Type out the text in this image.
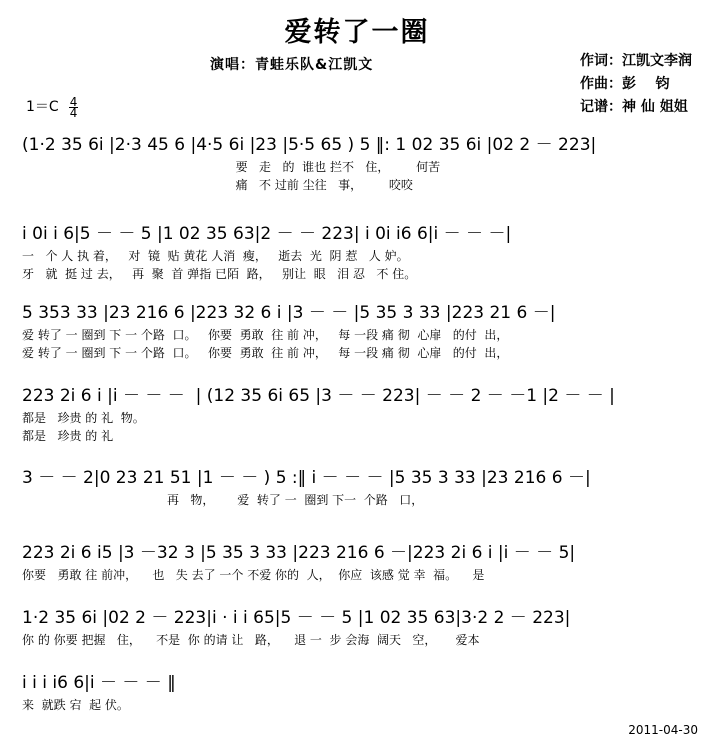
爱转了一圈
演唱：青蛙乐队&江凯文	作词：江凯文李润
作曲：彭    钧
记谱：神 仙 姐姐
$1=C \frac{4}{4}$
(1·2 35 6i |2·3 45 6 |4·5 6i |23 |5·5 65 ) 5 ‖: 1 02 35 6i |02 2 － 223|
要   走   的  谁也 拦不   住，       何苦
痛   不 过前 尘往   事，       咬咬
i 0i i 6|5 － － 5 |1 02 35 63|2 － － 223| i 0i i6 6|i － － －|
一   个 人 执 着，   对  镜  贴 黄花 人消  瘦，   逝去  光  阴 惹   人 妒。
牙   就  挺 过 去，   再  聚  首 弹指 已陌  路，   别让  眼   泪 忍   不 住。
5 353 33 |23 216 6 |223 32 6 i |3 － － |5 35 3 33 |223 21 6 －|
爱 转了 一 圈到 下 一 个路  口。   你要  勇敢  往 前 冲，   每 一段 痛 彻  心扉   的付  出，
爱 转了 一 圈到 下 一 个路  口。   你要  勇敢  往 前 冲，   每 一段 痛 彻  心扉   的付  出，
223 2i 6 i |i － － －  | (12 35 6i 65 |3 － － 223| － － 2 － －1 |2 － － |
都是   珍贵 的 礼  物。
都是   珍贵 的 礼
3 － － 2|0 23 21 51 |1 － － ) 5 :‖ i － － － |5 35 3 33 |23 216 6 －|
再   物，      爱  转了 一  圈到 下一  个路   口，
223 2i 6 i5 |3 －32 3 |5 35 3 33 |223 216 6 －|223 2i 6 i |i － － 5|
你要   勇敢 往 前冲，    也   失 去了 一个 不爱 你的  人，  你应  该感 觉 幸  福。    是
1·2 35 6i |02 2 － 223|i · i i 65|5 － － 5 |1 02 35 63|3·2 2 － 223|
你 的 你要 把握   住，    不是  你 的请 让   路，    退 一  步 会海  阔天   空，     爱本
i i i i6 6|i － － － ‖
来  就跌 宕  起 伏。
2011-04-30
